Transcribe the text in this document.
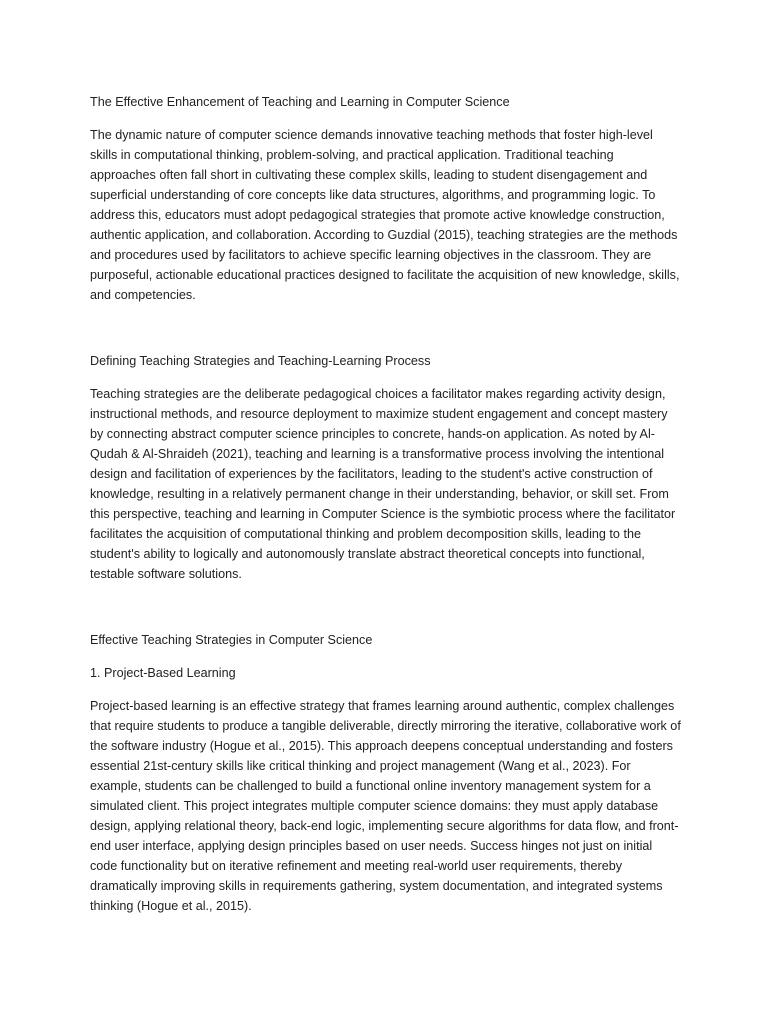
The Effective Enhancement of Teaching and Learning in Computer Science

The dynamic nature of computer science demands innovative teaching methods that foster high-level skills in computational thinking, problem-solving, and practical application. Traditional teaching approaches often fall short in cultivating these complex skills, leading to student disengagement and superficial understanding of core concepts like data structures, algorithms, and programming logic. To address this, educators must adopt pedagogical strategies that promote active knowledge construction, authentic application, and collaboration. According to Guzdial (2015), teaching strategies are the methods and procedures used by facilitators to achieve specific learning objectives in the classroom. They are purposeful, actionable educational practices designed to facilitate the acquisition of new knowledge, skills, and competencies.

Defining Teaching Strategies and Teaching-Learning Process

Teaching strategies are the deliberate pedagogical choices a facilitator makes regarding activity design, instructional methods, and resource deployment to maximize student engagement and concept mastery by connecting abstract computer science principles to concrete, hands-on application. As noted by Al-Qudah & Al-Shraideh (2021), teaching and learning is a transformative process involving the intentional design and facilitation of experiences by the facilitators, leading to the student's active construction of knowledge, resulting in a relatively permanent change in their understanding, behavior, or skill set. From this perspective, teaching and learning in Computer Science is the symbiotic process where the facilitator facilitates the acquisition of computational thinking and problem decomposition skills, leading to the student's ability to logically and autonomously translate abstract theoretical concepts into functional, testable software solutions.

Effective Teaching Strategies in Computer Science
1. Project-Based Learning

Project-based learning is an effective strategy that frames learning around authentic, complex challenges that require students to produce a tangible deliverable, directly mirroring the iterative, collaborative work of the software industry (Hogue et al., 2015). This approach deepens conceptual understanding and fosters essential 21st-century skills like critical thinking and project management (Wang et al., 2023). For example, students can be challenged to build a functional online inventory management system for a simulated client. This project integrates multiple computer science domains: they must apply database design, applying relational theory, back-end logic, implementing secure algorithms for data flow, and front-end user interface, applying design principles based on user needs. Success hinges not just on initial code functionality but on iterative refinement and meeting real-world user requirements, thereby dramatically improving skills in requirements gathering, system documentation, and integrated systems thinking (Hogue et al., 2015).
